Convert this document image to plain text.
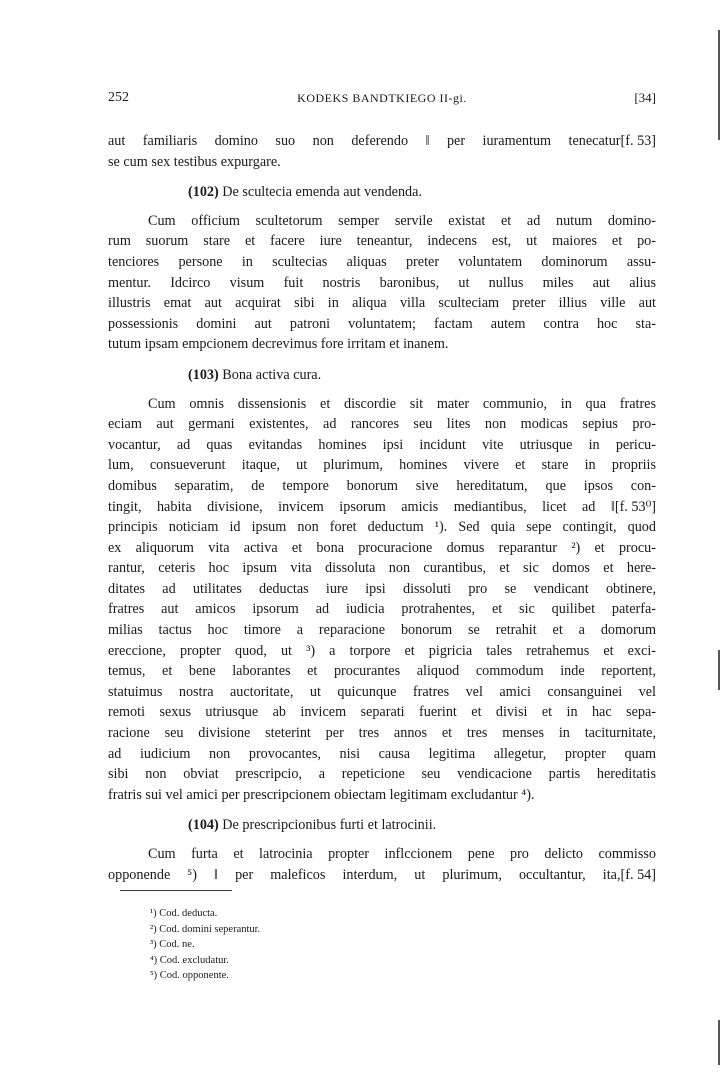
252	KODEKS BANDTKIEGO II-gi.	[34]
aut familiaris domino suo non deferendo ‖ per iuramentum tenecatur [f. 53]
se cum sex testibus expurgare.
(102) De scultecia emenda aut vendenda.
Cum officium scultetorum semper servile existat et ad nutum domino-
rum suorum stare et facere iure teneantur, indecens est, ut maiores et po-
tenciores persone in scultecias aliquas preter voluntatem dominorum assu-
mentur. Idcirco visum fuit nostris baronibus, ut nullus miles aut alius
illustris emat aut acquirat sibi in aliqua villa sculteciam preter illius ville aut
possessionis domini aut patroni voluntatem; factam autem contra hoc sta-
tutum ipsam empcionem decrevimus fore irritam et inanem.
(103) Bona activa cura.
Cum omnis dissensionis et discordie sit mater communio, in qua fratres
eciam aut germani existentes, ad rancores seu lites non modicas sepius pro-
vocantur, ad quas evitandas homines ipsi incidunt vite utriusque in pericu-
lum, consueverunt itaque, ut plurimum, homines vivere et stare in propriis
domibus separatim, de tempore bonorum sive hereditatum, que ipsos con-
tingit, habita divisione, invicem ipsorum amicis mediantibus, licet ad ‖ [f. 53⁰]
principis noticiam id ipsum non foret deductum ¹). Sed quia sepe contingit, quod
ex aliquorum vita activa et bona procuracione domus reparantur ²) et procu-
rantur, ceteris hoc ipsum vita dissoluta non curantibus, et sic domos et here-
ditates ad utilitates deductas iure ipsi dissoluti pro se vendicant obtinere,
fratres aut amicos ipsorum ad iudicia protrahentes, et sic quilibet paterfa-
milias tactus hoc timore a reparacione bonorum se retrahit et a domorum
ereccione, propter quod, ut ³) a torpore et pigricia tales retrahemus et exci-
temus, et bene laborantes et procurantes aliquod commodum inde reportent,
statuimus nostra auctoritate, ut quicunque fratres vel amici consanguinei vel
remoti sexus utriusque ab invicem separati fuerint et divisi et in hac sepa-
racione seu divisione steterint per tres annos et tres menses in taciturnitate,
ad iudicium non provocantes, nisi causa legitima allegetur, propter quam
sibi non obviat prescripcio, a repeticione seu vendicacione partis hereditatis
fratris sui vel amici per prescripcionem obiectam legitimam excludantur ⁴).
(104) De prescripcionibus furti et latrocinii.
Cum furta et latrocinia propter inflccionem pene pro delicto commisso
opponende ⁵) ‖ per maleficos interdum, ut plurimum, occultantur, ita, [f. 54]
¹) Cod. deducta.
²) Cod. domini seperantur.
³) Cod. ne.
⁴) Cod. excludatur.
⁵) Cod. opponente.
